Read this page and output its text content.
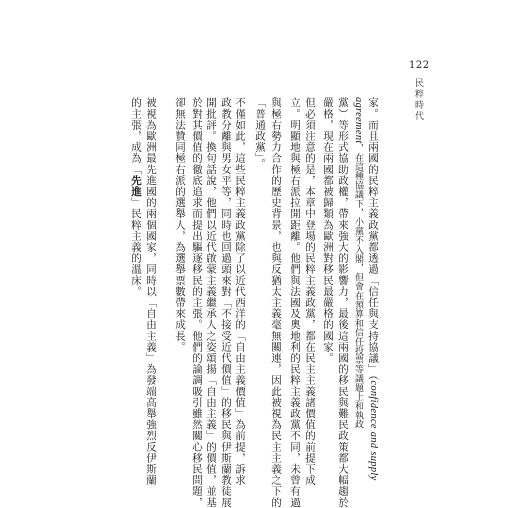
122
民粹時代
家。而且兩國的民粹主義政黨都透過「信任與支持協議」（confidence and supply
agreement，在這種協議下，小黨不入閣，但會在預算和信任投票等議題上和執政
黨）等形式協助政權，帶來強大的影響力，最後這兩國的移民與難民政策都大幅趨於
嚴格，現在兩國都被歸類為歐洲對移民最嚴格的國家。
但必須注意的是，本章中登場的民粹主義政黨，都在民主主義諸價值的前提下成
立。明顯地與極右派拉開距離。他們與法國及奧地利的民粹主義政黨不同，未曾有過
與極右勢力合作的歷史背景，也與反猶太主義毫無關連，因此被視為民主主義之下的
「普通政黨」。
不僅如此，這些民粹主義政黨除了以近代西洋的「自由主義價值」為前提，訴求
政教分離與男女平等，同時也回過頭來對「不接受近代價值」的移民與伊斯蘭教徒展
開批評。換句話說，他們以近代啟蒙主義繼承人之姿頌揚「自由主義」的價值，並基
於對其價值的徹底追求而提出驅逐移民的主張。他們的論調吸引雖然關心移民問題，
卻無法贊同極右派的選舉人，為選舉票數帶來成長。
被視為歐洲最先進國的兩個國家，同時以「自由主義」為發端高舉強烈反伊斯蘭
的主張，成為「先進」民粹主義的溫床。
